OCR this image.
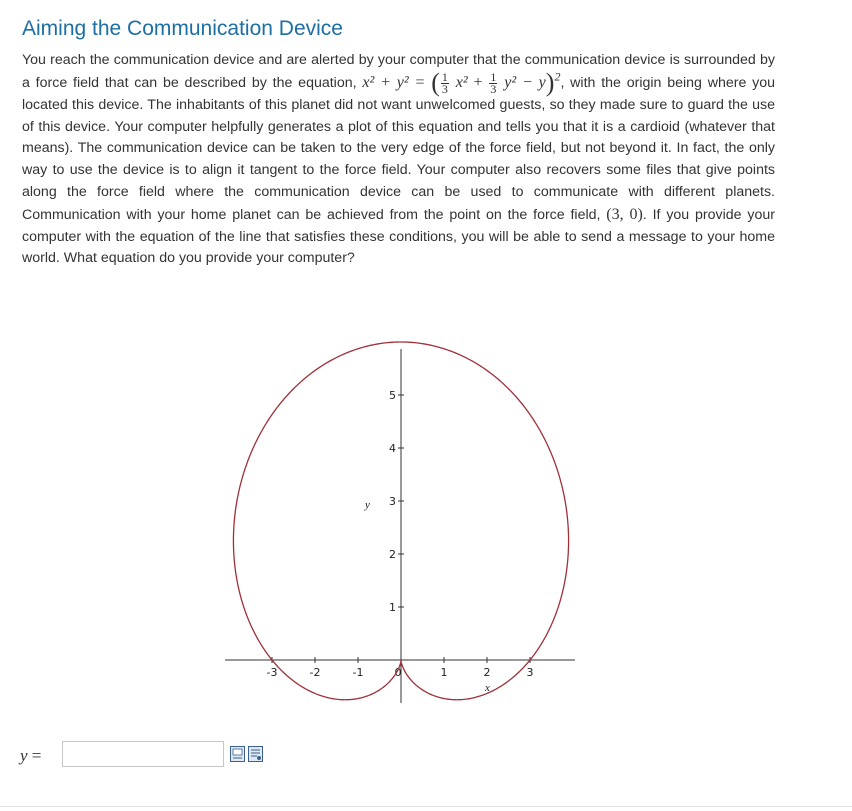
Aiming the Communication Device

You reach the communication device and are alerted by your computer that the communication device is surrounded by a force field that can be described by the equation, x² + y² = ( $\frac{1}{3} x^2 + \frac{1}{3} y^2 - y)^2$, with the origin being where you located this device. The inhabitants of this planet did not want unwelcomed guests, so they made sure to guard the use of this device. Your computer helpfully generates a plot of this equation and tells you that it is a cardioid (whatever that means). The communication device can be taken to the very edge of the force field, but not beyond it. In fact, the only way to use the device is to align it tangent to the force field. Your computer also recovers some files that give points along the force field where the communication device can be used to communicate with different planets. Communication with your home planet can be achieved from the point on the force field, (3, 0). If you provide your computer with the equation of the line that satisfies these conditions, you will be able to send a message to your home world. What equation do you provide your computer?

-3	-2	-1	0	1	2	3
1
2
3
4
5
y
x
y =
